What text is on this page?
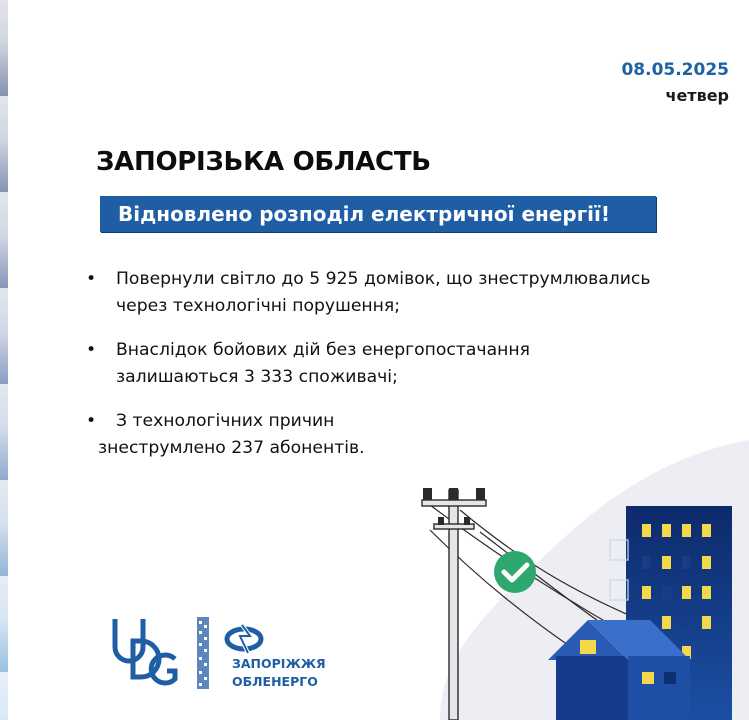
08.05.2025
четвер
ЗАПОРІЗЬКА ОБЛАСТЬ
Відновлено розподіл електричної енергії!
• Повернули світло до 5 925 домівок, що знеструмлювались
через технологічні порушення;
• Внаслідок бойових дій без енергопостачання
залишаються 3 333 споживачі;
• З технологічних причин
знеструмлено 237 абонентів.
ЗАПОРІЖЖЯ
ОБЛЕНЕРГО
